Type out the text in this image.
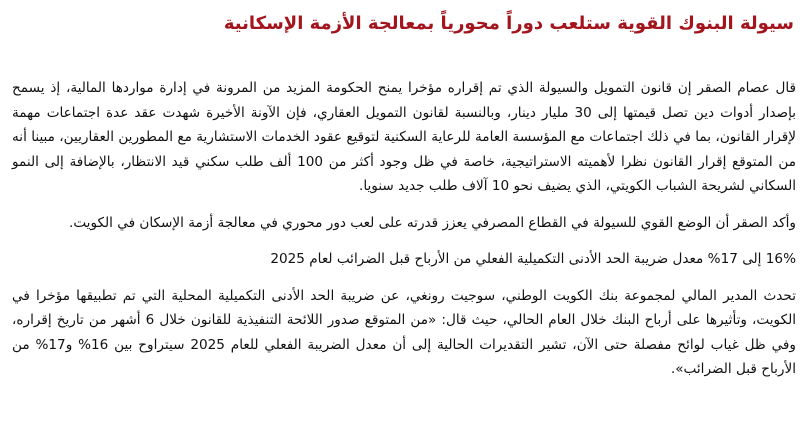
سيولة البنوك القوية ستلعب دوراً محورياً بمعالجة الأزمة الإسكانية

قال عصام الصقر إن قانون التمويل والسيولة الذي تم إقراره مؤخرا يمنح الحكومة المزيد من المرونة في إدارة مواردها المالية، إذ يسمح بإصدار أدوات دين تصل قيمتها إلى 30 مليار دينار، وبالنسبة لقانون التمويل العقاري، فإن الآونة الأخيرة شهدت عقد عدة اجتماعات مهمة لإقرار القانون، بما في ذلك اجتماعات مع المؤسسة العامة للرعاية السكنية لتوقيع عقود الخدمات الاستشارية مع المطورين العقاريين، مبينا أنه من المتوقع إقرار القانون نظرا لأهميته الاستراتيجية، خاصة في ظل وجود أكثر من 100 ألف طلب سكني قيد الانتظار، بالإضافة إلى النمو السكاني لشريحة الشباب الكويتي، الذي يضيف نحو 10 آلاف طلب جديد سنويا.

وأكد الصقر أن الوضع القوي للسيولة في القطاع المصرفي يعزز قدرته على لعب دور محوري في معالجة أزمة الإسكان في الكويت.

16% إلى 17% معدل ضريبة الحد الأدنى التكميلية الفعلي من الأرباح قبل الضرائب لعام 2025

تحدث المدير المالي لمجموعة بنك الكويت الوطني، سوجيت رونغي، عن ضريبة الحد الأدنى التكميلية المحلية التي تم تطبيقها مؤخرا في الكويت، وتأثيرها على أرباح البنك خلال العام الحالي، حيث قال: «من المتوقع صدور اللائحة التنفيذية للقانون خلال 6 أشهر من تاريخ إقراره، وفي ظل غياب لوائح مفصلة حتى الآن، تشير التقديرات الحالية إلى أن معدل الضريبة الفعلي للعام 2025 سيتراوح بين 16% و17% من الأرباح قبل الضرائب».
